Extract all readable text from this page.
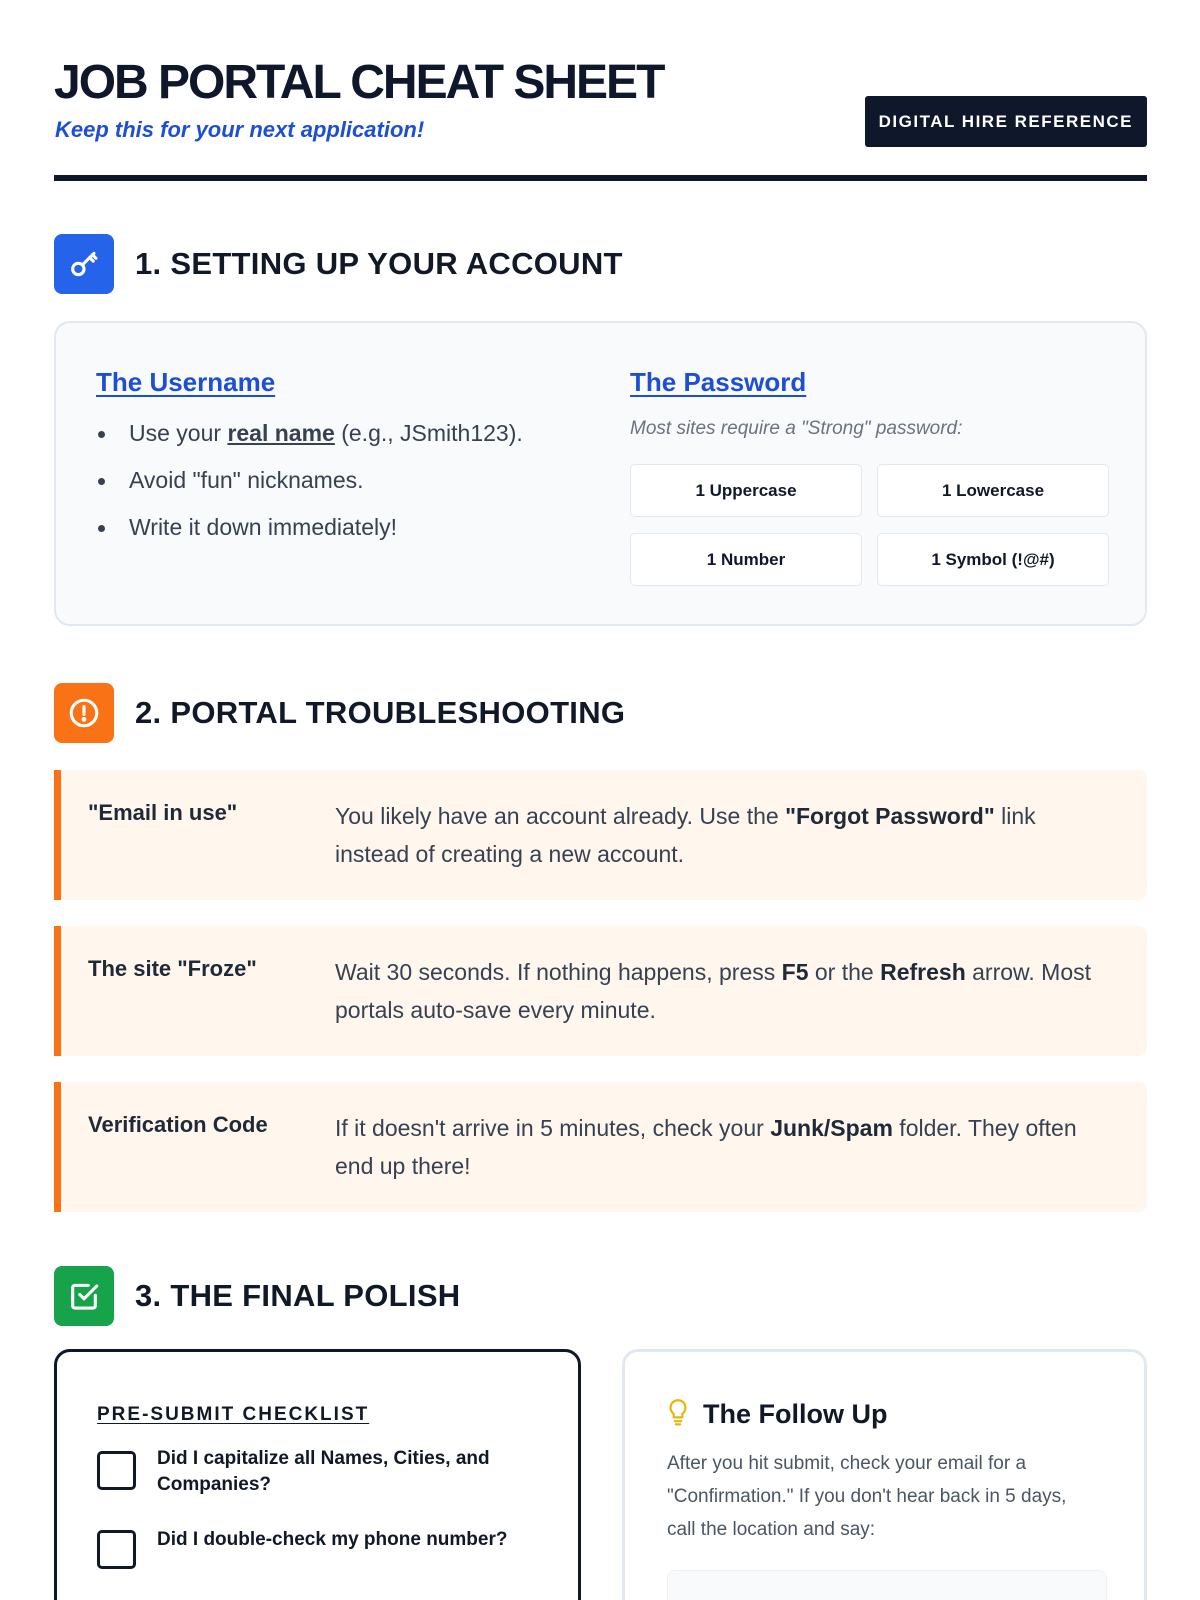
JOB PORTAL CHEAT SHEET
Keep this for your next application!	DIGITAL HIRE REFERENCE
1. SETTING UP YOUR ACCOUNT
The Username
Use your real name (e.g., JSmith123).
Avoid "fun" nicknames.
Write it down immediately!
The Password
Most sites require a "Strong" password:
1 Uppercase	1 Lowercase
1 Number	1 Symbol (!@#)
2. PORTAL TROUBLESHOOTING
"Email in use"	You likely have an account already. Use the "Forgot Password" link instead of creating a new account.
The site "Froze"	Wait 30 seconds. If nothing happens, press F5 or the Refresh arrow. Most portals auto-save every minute.
Verification Code	If it doesn't arrive in 5 minutes, check your Junk/Spam folder. They often end up there!
3. THE FINAL POLISH
PRE-SUBMIT CHECKLIST
Did I capitalize all Names, Cities, and Companies?
Did I double-check my phone number?
The Follow Up
After you hit submit, check your email for a "Confirmation." If you don't hear back in 5 days, call the location and say:
